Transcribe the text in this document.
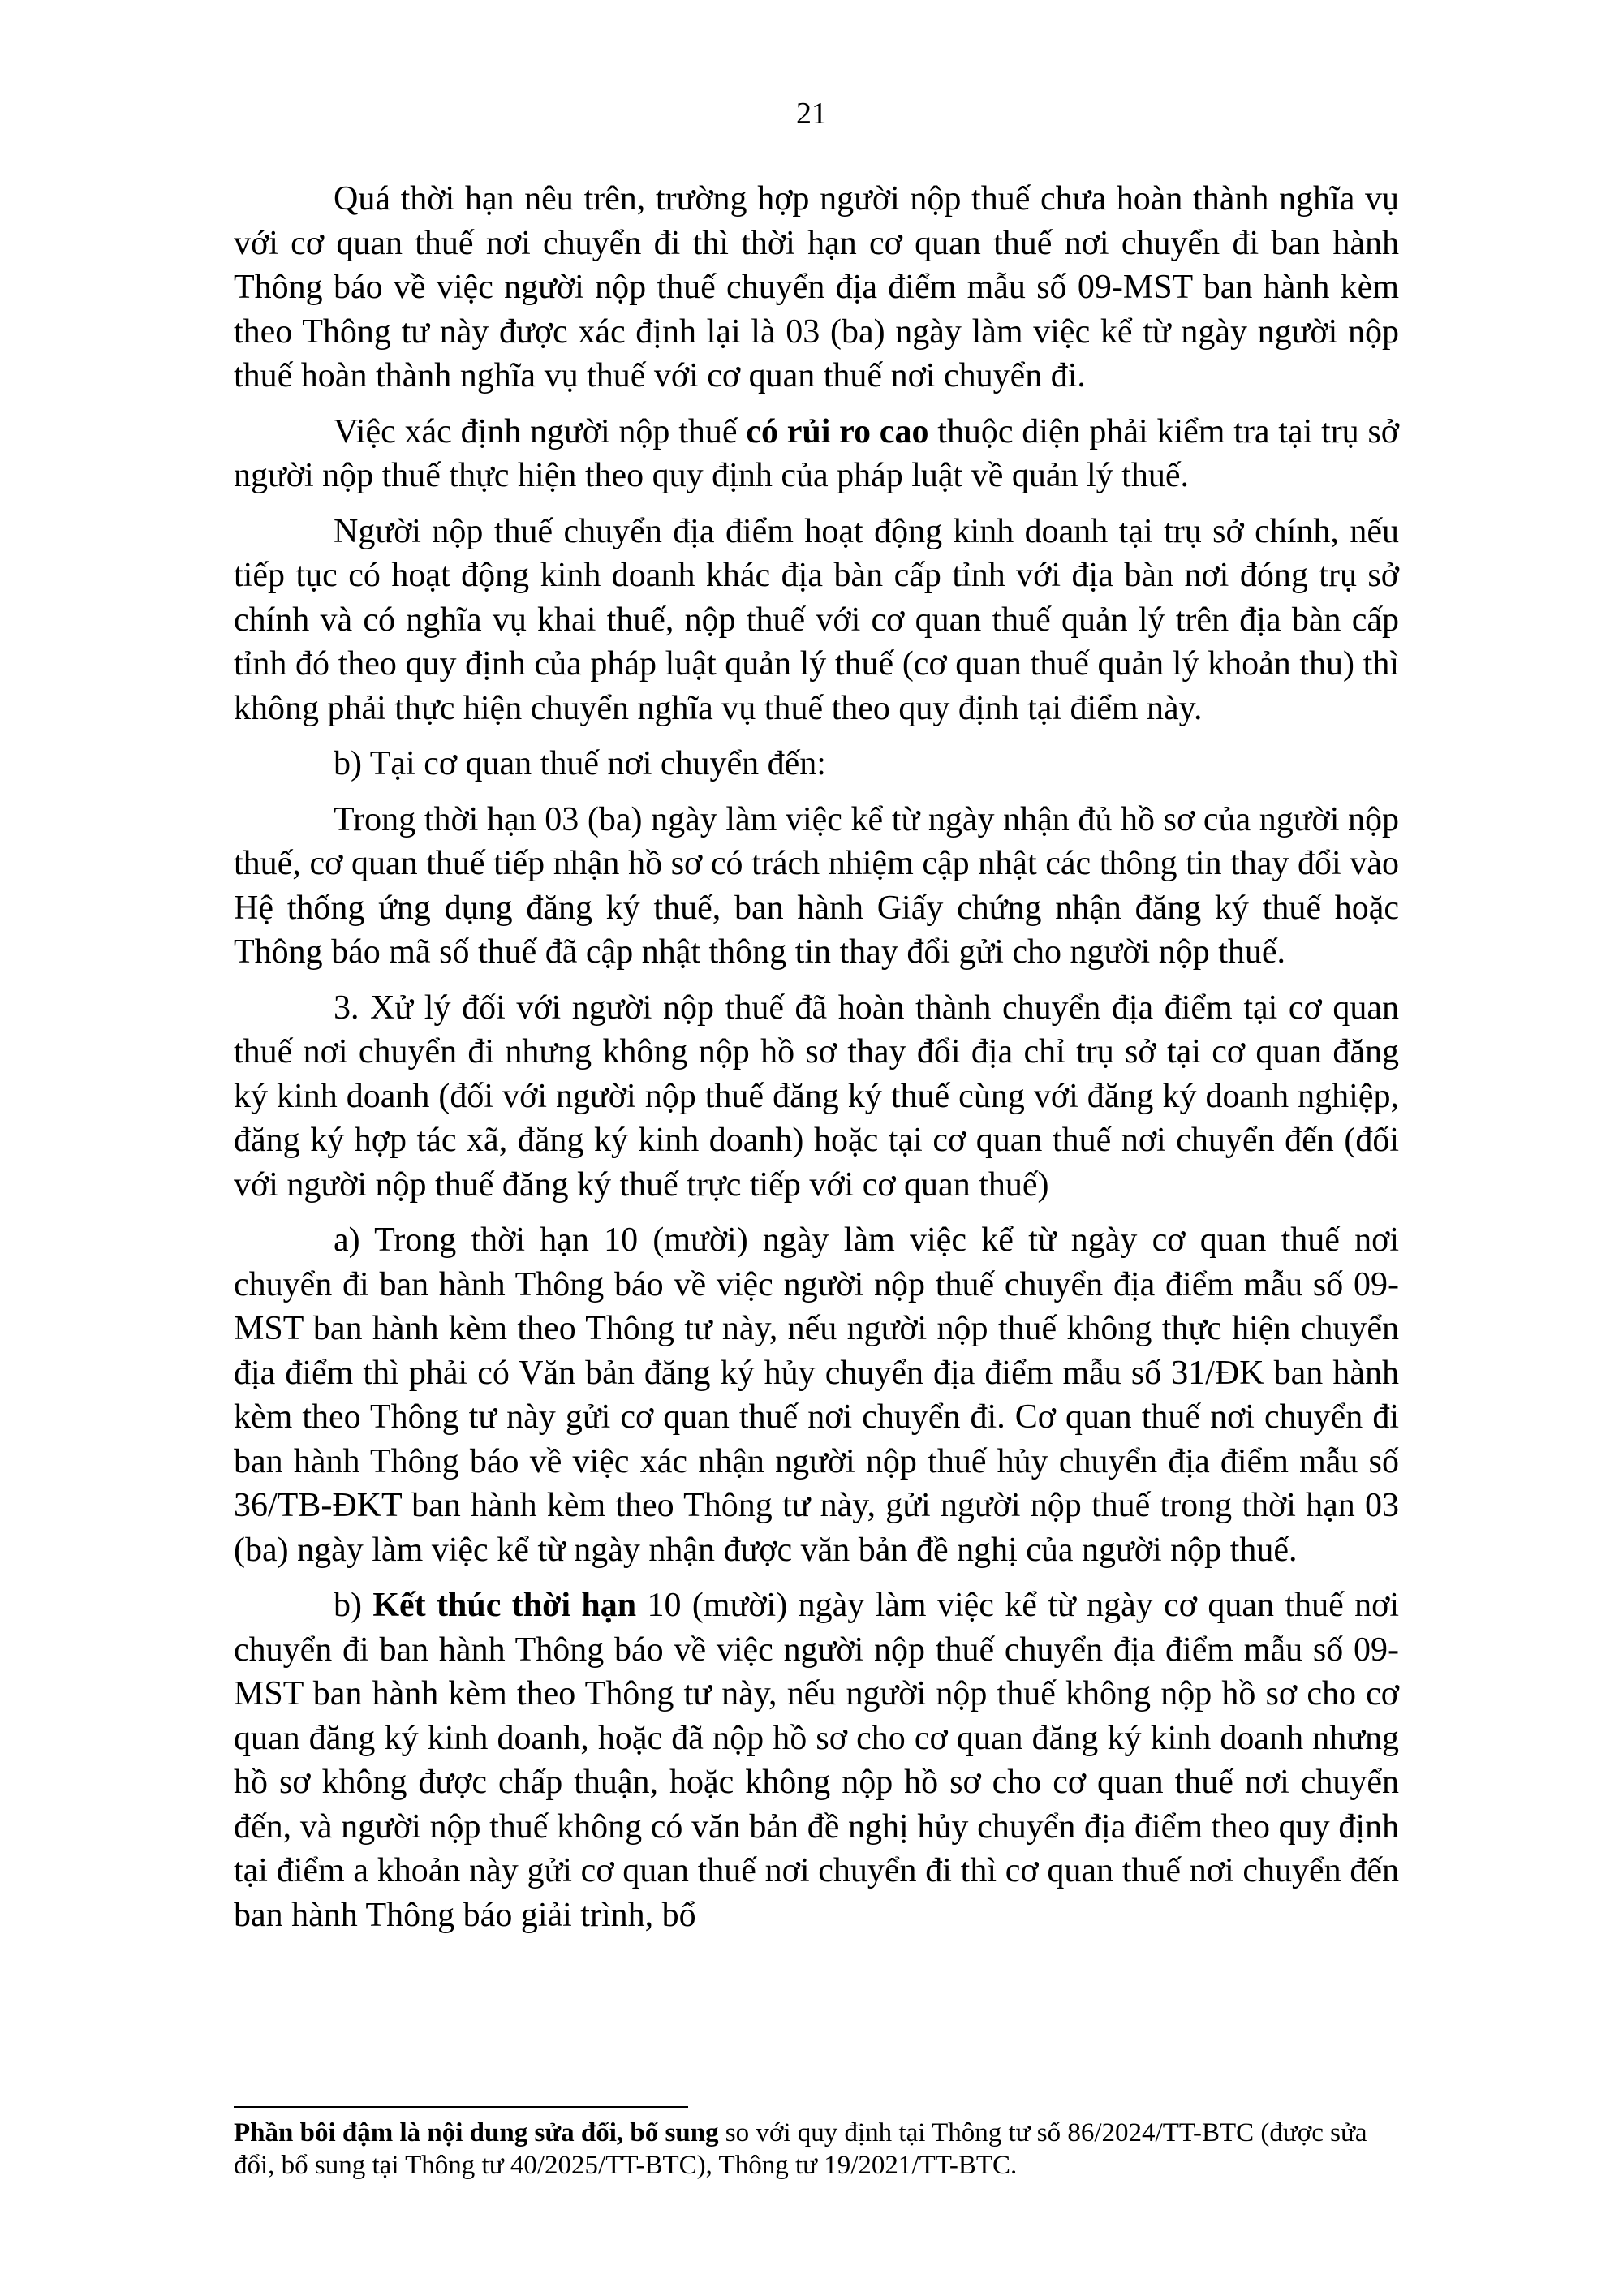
21

Quá thời hạn nêu trên, trường hợp người nộp thuế chưa hoàn thành nghĩa vụ với cơ quan thuế nơi chuyển đi thì thời hạn cơ quan thuế nơi chuyển đi ban hành Thông báo về việc người nộp thuế chuyển địa điểm mẫu số 09-MST ban hành kèm theo Thông tư này được xác định lại là 03 (ba) ngày làm việc kể từ ngày người nộp thuế hoàn thành nghĩa vụ thuế với cơ quan thuế nơi chuyển đi.

Việc xác định người nộp thuế có rủi ro cao thuộc diện phải kiểm tra tại trụ sở người nộp thuế thực hiện theo quy định của pháp luật về quản lý thuế.

Người nộp thuế chuyển địa điểm hoạt động kinh doanh tại trụ sở chính, nếu tiếp tục có hoạt động kinh doanh khác địa bàn cấp tỉnh với địa bàn nơi đóng trụ sở chính và có nghĩa vụ khai thuế, nộp thuế với cơ quan thuế quản lý trên địa bàn cấp tỉnh đó theo quy định của pháp luật quản lý thuế (cơ quan thuế quản lý khoản thu) thì không phải thực hiện chuyển nghĩa vụ thuế theo quy định tại điểm này.

b) Tại cơ quan thuế nơi chuyển đến:

Trong thời hạn 03 (ba) ngày làm việc kể từ ngày nhận đủ hồ sơ của người nộp thuế, cơ quan thuế tiếp nhận hồ sơ có trách nhiệm cập nhật các thông tin thay đổi vào Hệ thống ứng dụng đăng ký thuế, ban hành Giấy chứng nhận đăng ký thuế hoặc Thông báo mã số thuế đã cập nhật thông tin thay đổi gửi cho người nộp thuế.

3. Xử lý đối với người nộp thuế đã hoàn thành chuyển địa điểm tại cơ quan thuế nơi chuyển đi nhưng không nộp hồ sơ thay đổi địa chỉ trụ sở tại cơ quan đăng ký kinh doanh (đối với người nộp thuế đăng ký thuế cùng với đăng ký doanh nghiệp, đăng ký hợp tác xã, đăng ký kinh doanh) hoặc tại cơ quan thuế nơi chuyển đến (đối với người nộp thuế đăng ký thuế trực tiếp với cơ quan thuế)

a) Trong thời hạn 10 (mười) ngày làm việc kể từ ngày cơ quan thuế nơi chuyển đi ban hành Thông báo về việc người nộp thuế chuyển địa điểm mẫu số 09-MST ban hành kèm theo Thông tư này, nếu người nộp thuế không thực hiện chuyển địa điểm thì phải có Văn bản đăng ký hủy chuyển địa điểm mẫu số 31/ĐK ban hành kèm theo Thông tư này gửi cơ quan thuế nơi chuyển đi. Cơ quan thuế nơi chuyển đi ban hành Thông báo về việc xác nhận người nộp thuế hủy chuyển địa điểm mẫu số 36/TB-ĐKT ban hành kèm theo Thông tư này, gửi người nộp thuế trong thời hạn 03 (ba) ngày làm việc kể từ ngày nhận được văn bản đề nghị của người nộp thuế.

b) Kết thúc thời hạn 10 (mười) ngày làm việc kể từ ngày cơ quan thuế nơi chuyển đi ban hành Thông báo về việc người nộp thuế chuyển địa điểm mẫu số 09-MST ban hành kèm theo Thông tư này, nếu người nộp thuế không nộp hồ sơ cho cơ quan đăng ký kinh doanh, hoặc đã nộp hồ sơ cho cơ quan đăng ký kinh doanh nhưng hồ sơ không được chấp thuận, hoặc không nộp hồ sơ cho cơ quan thuế nơi chuyển đến, và người nộp thuế không có văn bản đề nghị hủy chuyển địa điểm theo quy định tại điểm a khoản này gửi cơ quan thuế nơi chuyển đi thì cơ quan thuế nơi chuyển đến ban hành Thông báo giải trình, bổ

Phần bôi đậm là nội dung sửa đổi, bổ sung so với quy định tại Thông tư số 86/2024/TT-BTC (được sửa đổi, bổ sung tại Thông tư 40/2025/TT-BTC), Thông tư 19/2021/TT-BTC.
